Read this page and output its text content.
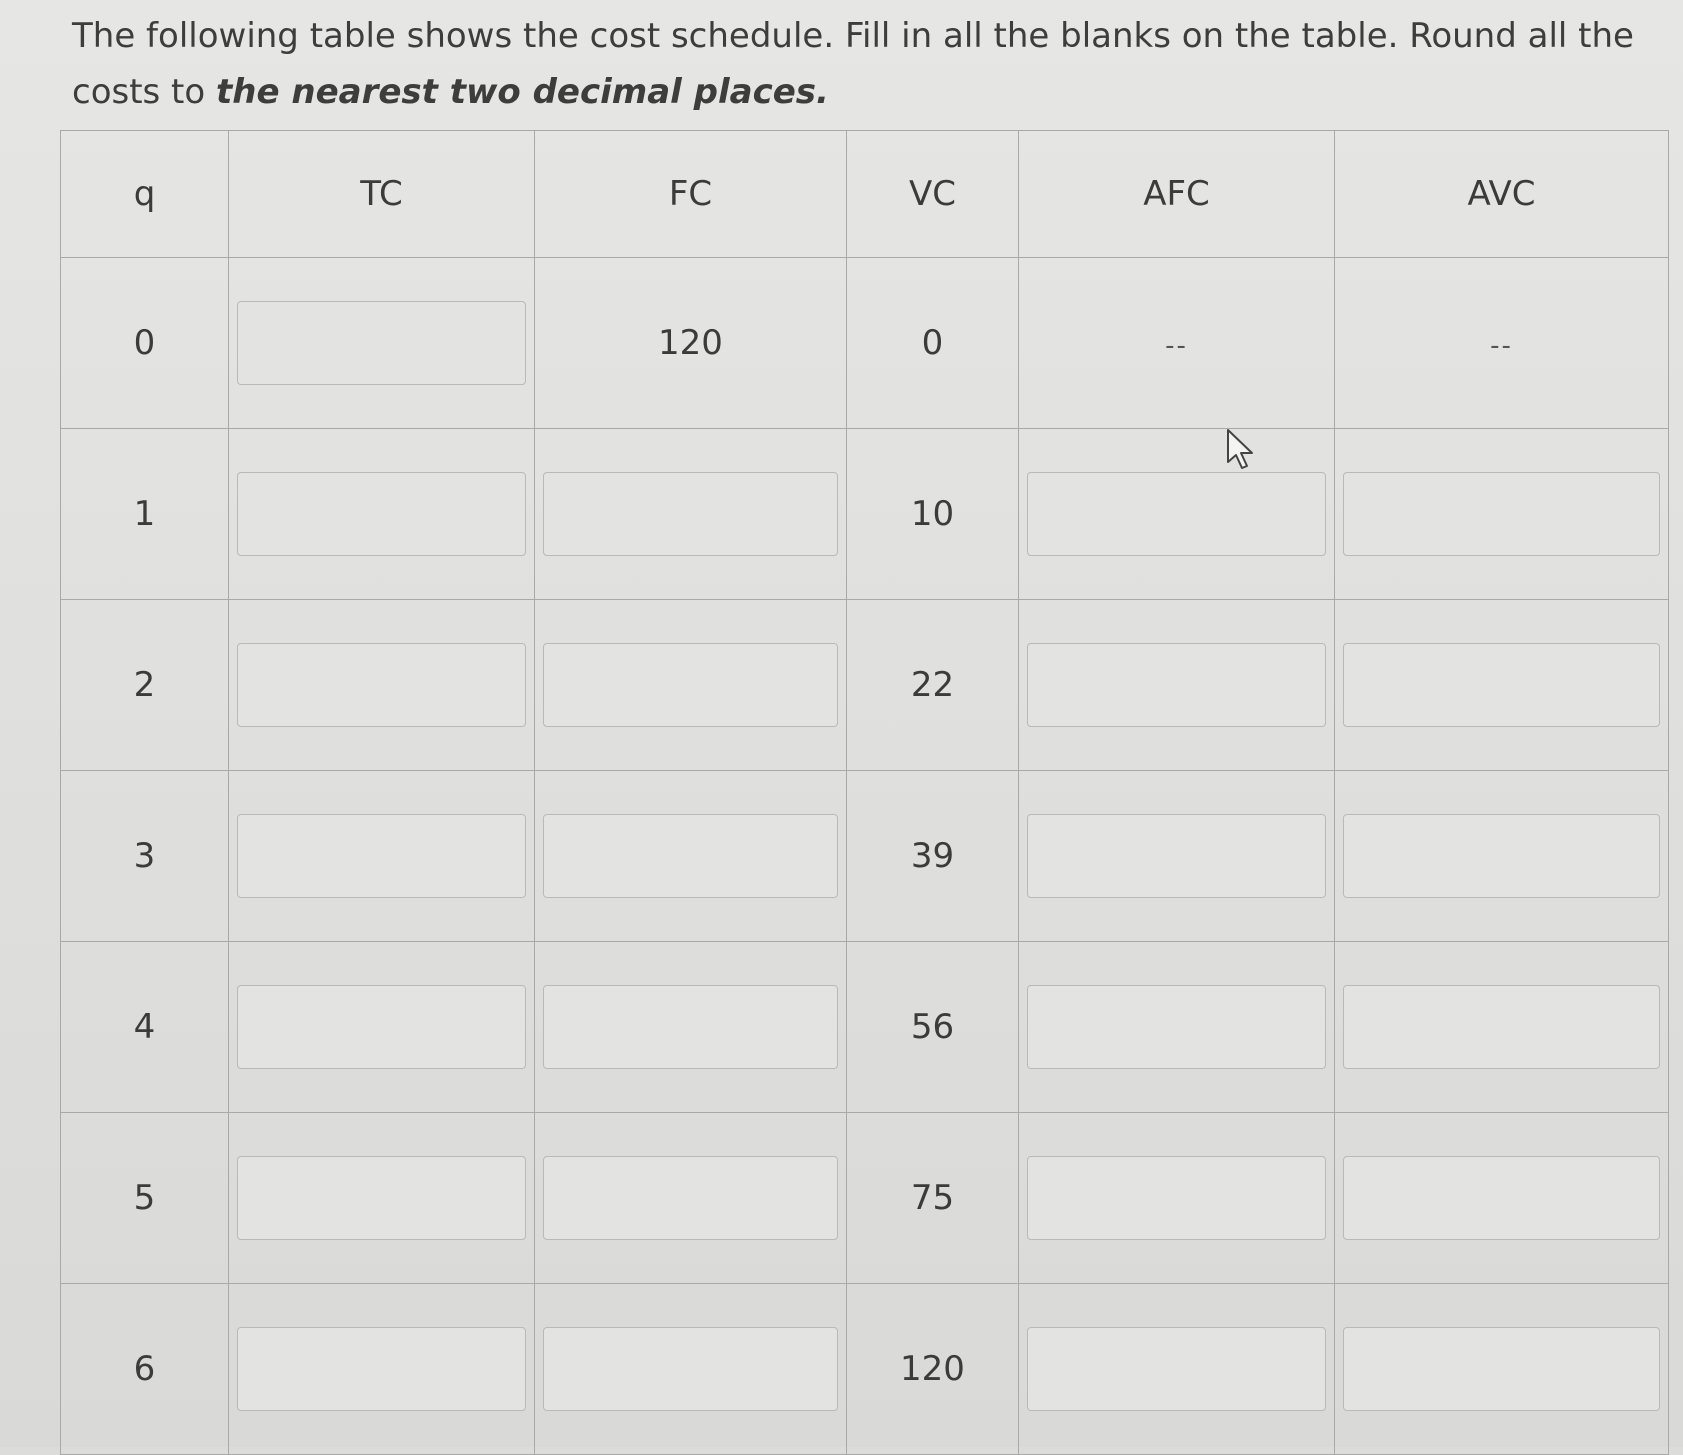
The following table shows the cost schedule. Fill in all the blanks on the table. Round all the costs to the nearest two decimal places.
q	TC	FC	VC	AFC	AVC
0		120	0	--	--
1			10	

2			22	

3			39	

4			56	

5			75	

6			120	
